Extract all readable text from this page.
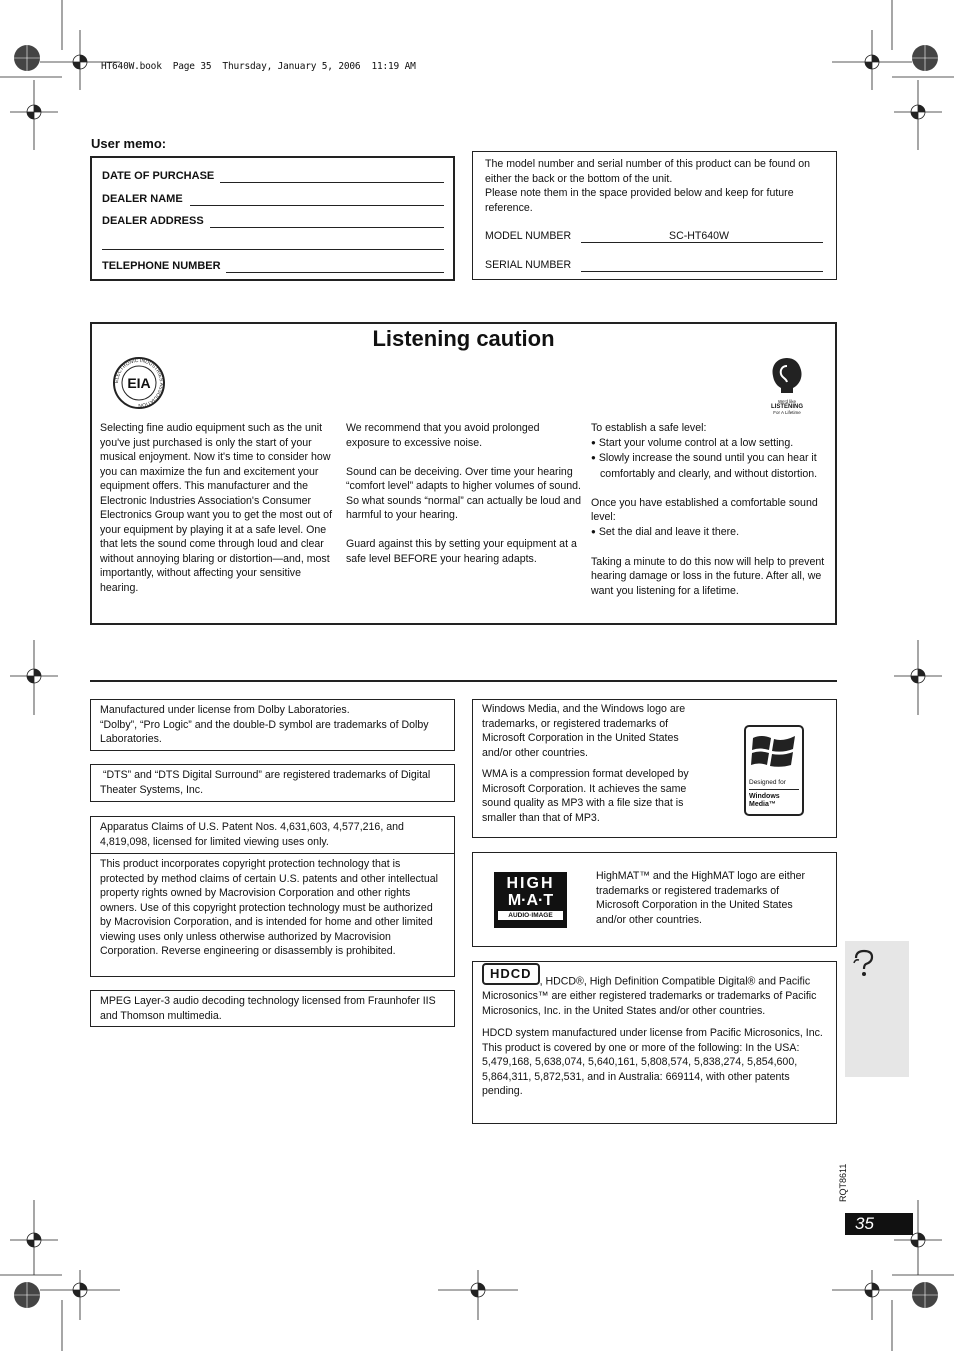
HT640W.book  Page 35  Thursday, January 5, 2006  11:19 AM
User memo:
DATE OF PURCHASE
DEALER NAME
DEALER ADDRESS
TELEPHONE NUMBER

The model number and serial number of this product can be found on either the back or the bottom of the unit.

Please note them in the space provided below and keep for future reference.

MODEL NUMBER	SC-HT640W
SERIAL NUMBER
Listening caution
ELECTRONIC INDUSTRIES ASSOCIATION
EIA
We'd like
LISTENING
For A Lifetime
Selecting fine audio equipment such as the unit you've just purchased is only the start of your musical enjoyment. Now it's time to consider how you can maximize the fun and excitement your equipment offers. This manufacturer and the Electronic Industries Association's Consumer Electronics Group want you to get the most out of your equipment by playing it at a safe level. One that lets the sound come through loud and clear without annoying blaring or distortion—and, most importantly, without affecting your sensitive hearing.

We recommend that you avoid prolonged exposure to excessive noise.

Sound can be deceiving. Over time your hearing “comfort level” adapts to higher volumes of sound. So what sounds “normal” can actually be loud and harmful to your hearing.

Guard against this by setting your equipment at a safe level BEFORE your hearing adapts.

To establish a safe level:

● Start your volume control at a low setting.

● Slowly increase the sound until you can hear it comfortably and clearly, and without distortion.

Once you have established a comfortable sound level:

● Set the dial and leave it there.

Taking a minute to do this now will help to prevent hearing damage or loss in the future. After all, we want you listening for a lifetime.

Manufactured under license from Dolby Laboratories.

“Dolby”, “Pro Logic” and the double-D symbol are trademarks of Dolby Laboratories.

“DTS” and “DTS Digital Surround” are registered trademarks of Digital Theater Systems, Inc.

Apparatus Claims of U.S. Patent Nos. 4,631,603, 4,577,216, and 4,819,098, licensed for limited viewing uses only.

This product incorporates copyright protection technology that is protected by method claims of certain U.S. patents and other intellectual property rights owned by Macrovision Corporation and other rights owners. Use of this copyright protection technology must be authorized by Macrovision Corporation, and is intended for home and other limited viewing uses only unless otherwise authorized by Macrovision Corporation. Reverse engineering or disassembly is prohibited.

MPEG Layer-3 audio decoding technology licensed from Fraunhofer IIS and Thomson multimedia.

Windows Media, and the Windows logo are trademarks, or registered trademarks of Microsoft Corporation in the United States and/or other countries.

WMA is a compression format developed by Microsoft Corporation. It achieves the same sound quality as MP3 with a file size that is smaller than that of MP3.

Designed for
Windows
Media™
HIGH
M·A·T
AUDIO·IMAGE
HighMAT™ and the HighMAT logo are either trademarks or registered trademarks of Microsoft Corporation in the United States and/or other countries.
HDCD, HDCD®, High Definition Compatible Digital® and Pacific Microsonics™ are either registered trademarks or trademarks of Pacific Microsonics, Inc. in the United States and/or other countries.

HDCD system manufactured under license from Pacific Microsonics, Inc. This product is covered by one or more of the following: In the USA: 5,479,168, 5,638,074, 5,640,161, 5,808,574, 5,838,274, 5,854,600, 5,864,311, 5,872,531, and in Australia: 669114, with other patents pending.

RQT8611
35
